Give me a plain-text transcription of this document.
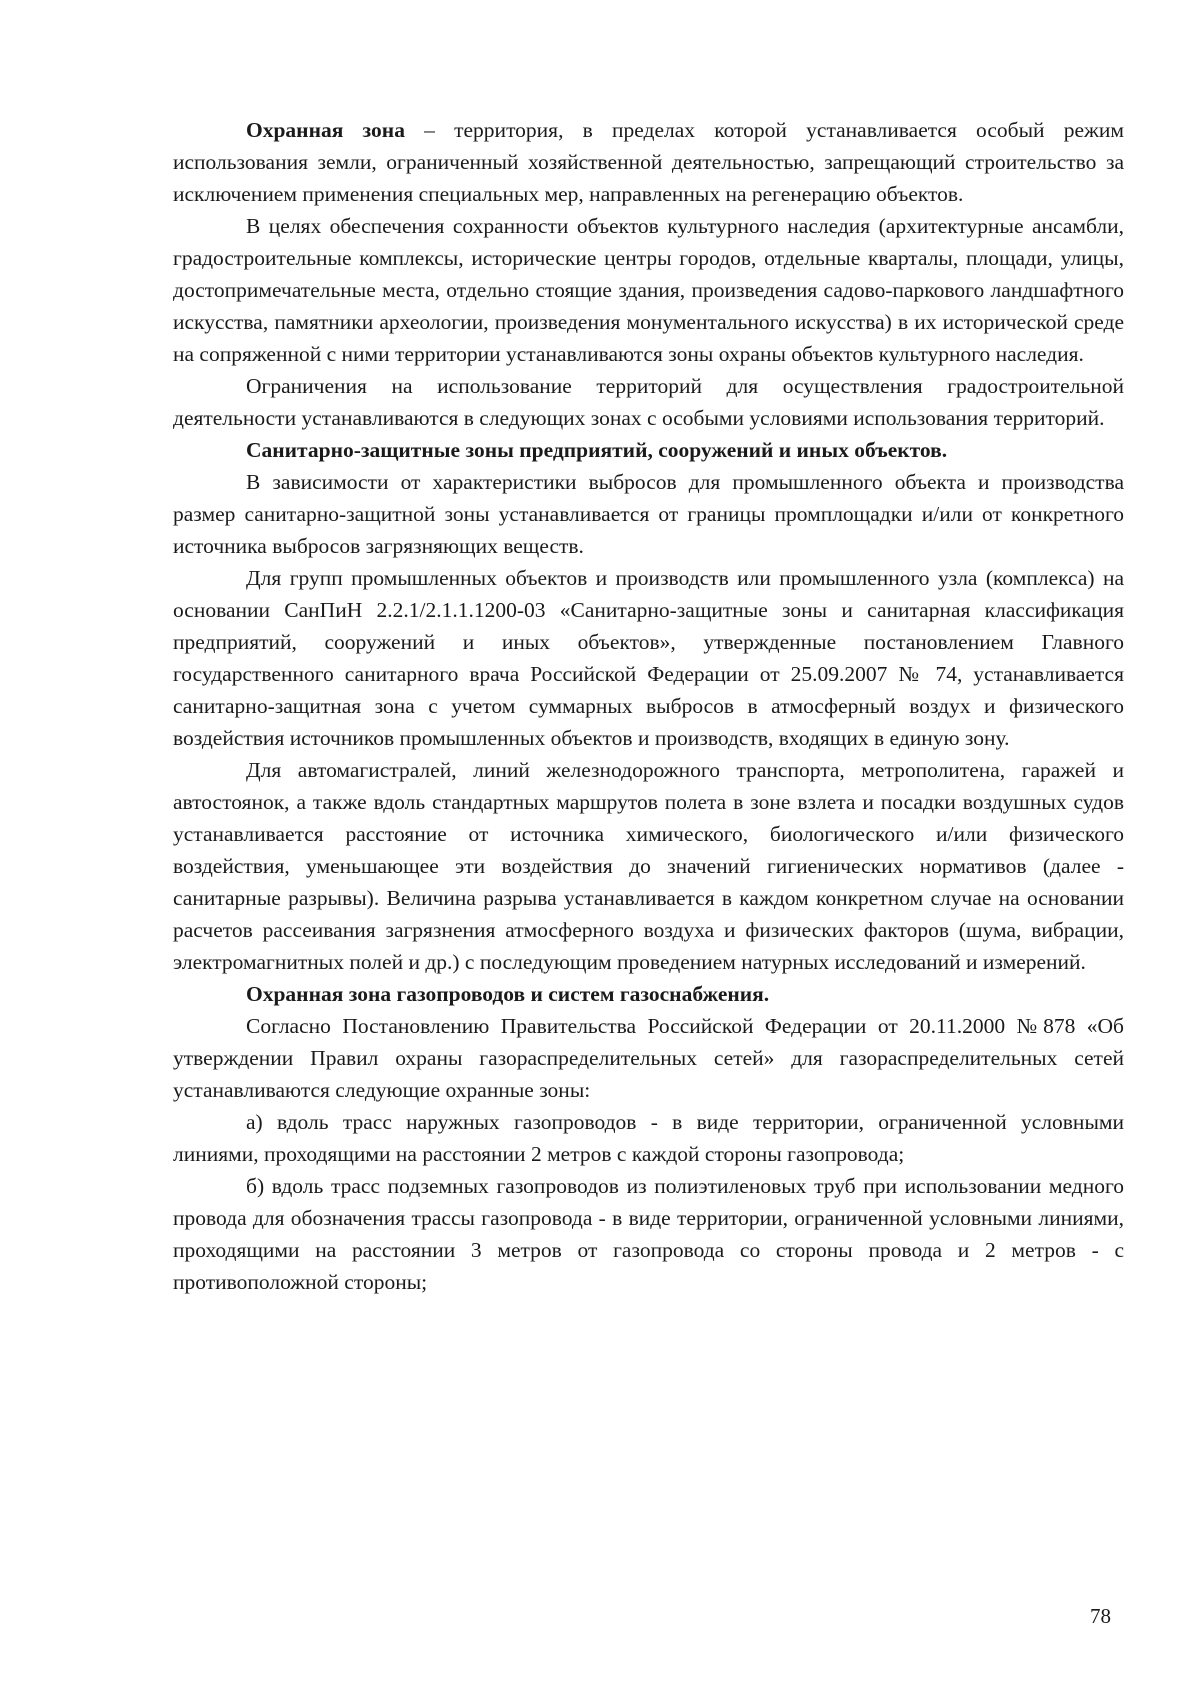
Охранная зона – территория, в пределах которой устанавливается особый режим использования земли, ограниченный хозяйственной деятельностью, запрещающий строительство за исключением применения специальных мер, направленных на регенерацию объектов.

В целях обеспечения сохранности объектов культурного наследия (архитектурные ансамбли, градостроительные комплексы, исторические центры городов, отдельные кварталы, площади, улицы, достопримечательные места, отдельно стоящие здания, произведения садово-паркового ландшафтного искусства, памятники археологии, произведения монументального искусства) в их исторической среде на сопряженной с ними территории устанавливаются зоны охраны объектов культурного наследия.

Ограничения на использование территорий для осуществления градостроительной деятельности устанавливаются в следующих зонах с особыми условиями использования территорий.

Санитарно-защитные зоны предприятий, сооружений и иных объектов.

В зависимости от характеристики выбросов для промышленного объекта и производства размер санитарно-защитной зоны устанавливается от границы промплощадки и/или от конкретного источника выбросов загрязняющих веществ.

Для групп промышленных объектов и производств или промышленного узла (комплекса) на основании СанПиН 2.2.1/2.1.1.1200-03 «Санитарно-защитные зоны и санитарная классификация предприятий, сооружений и иных объектов», утвержденные постановлением Главного государственного санитарного врача Российской Федерации от 25.09.2007 № 74, устанавливается санитарно-защитная зона с учетом суммарных выбросов в атмосферный воздух и физического воздействия источников промышленных объектов и производств, входящих в единую зону.

Для автомагистралей, линий железнодорожного транспорта, метрополитена, гаражей и автостоянок, а также вдоль стандартных маршрутов полета в зоне взлета и посадки воздушных судов устанавливается расстояние от источника химического, биологического и/или физического воздействия, уменьшающее эти воздействия до значений гигиенических нормативов (далее - санитарные разрывы). Величина разрыва устанавливается в каждом конкретном случае на основании расчетов рассеивания загрязнения атмосферного воздуха и физических факторов (шума, вибрации, электромагнитных полей и др.) с последующим проведением натурных исследований и измерений.

Охранная зона газопроводов и систем газоснабжения.

Согласно Постановлению Правительства Российской Федерации от 20.11.2000 №878 «Об утверждении Правил охраны газораспределительных сетей» для газораспределительных сетей устанавливаются следующие охранные зоны:

а) вдоль трасс наружных газопроводов - в виде территории, ограниченной условными линиями, проходящими на расстоянии 2 метров с каждой стороны газопровода;

б) вдоль трасс подземных газопроводов из полиэтиленовых труб при использовании медного провода для обозначения трассы газопровода - в виде территории, ограниченной условными линиями, проходящими на расстоянии 3 метров от газопровода со стороны провода и 2 метров - с противоположной стороны;

78
